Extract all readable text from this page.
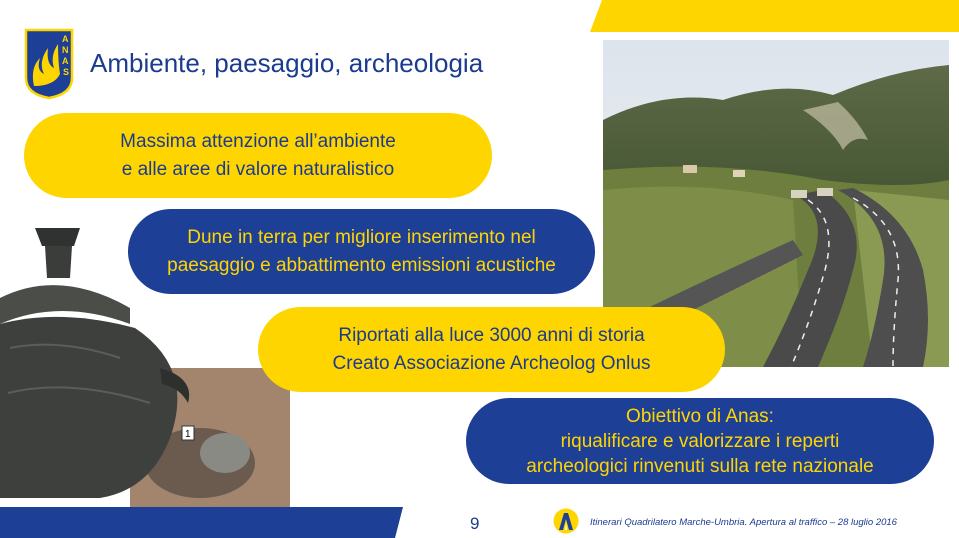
A
N
A
S Ambiente, paesaggio, archeologia
1
Massima attenzione all’ambiente
e alle aree di valore naturalistico
Dune in terra per migliore inserimento nel
paesaggio e abbattimento emissioni acustiche
Riportati alla luce 3000 anni di storia
Creato Associazione Archeolog Onlus
Obiettivo di Anas:
riqualificare e valorizzare i reperti
archeologici rinvenuti sulla rete nazionale
9	Itinerari Quadrilatero Marche-Umbria. Apertura al traffico – 28 luglio 2016
